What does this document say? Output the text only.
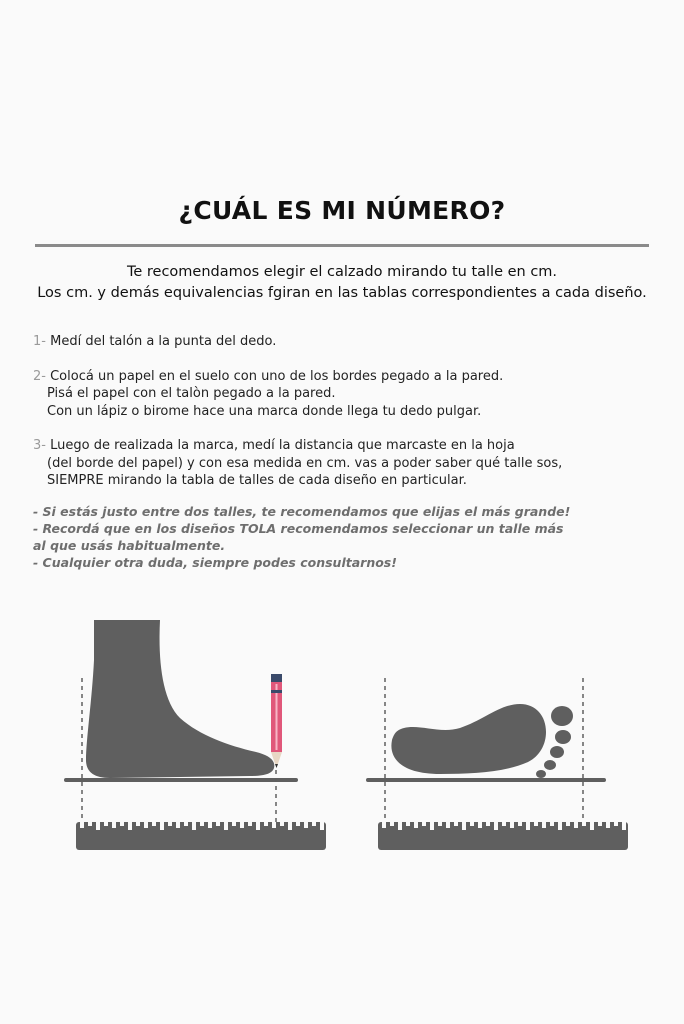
¿CUÁL ES MI NÚMERO?
Te recomendamos elegir el calzado mirando tu talle en cm.
Los cm. y demás equivalencias fgiran en las tablas correspondientes a cada diseño.
1- Medí del talón a la punta del dedo.
2- Colocá un papel en el suelo con uno de los bordes pegado a la pared.
Pisá el papel con el talòn pegado a la pared.
Con un lápiz o birome hace una marca donde llega tu dedo pulgar.
3- Luego de realizada la marca, medí la distancia que marcaste en la hoja
(del borde del papel) y con esa medida en cm. vas a poder saber qué talle sos,
SIEMPRE mirando la tabla de talles de cada diseño en particular.
- Si estás justo entre dos talles, te recomendamos que elijas el más grande!
- Recordá que en los diseños TOLA recomendamos seleccionar un talle más
al que usás habitualmente.
- Cualquier otra duda, siempre podes consultarnos!
